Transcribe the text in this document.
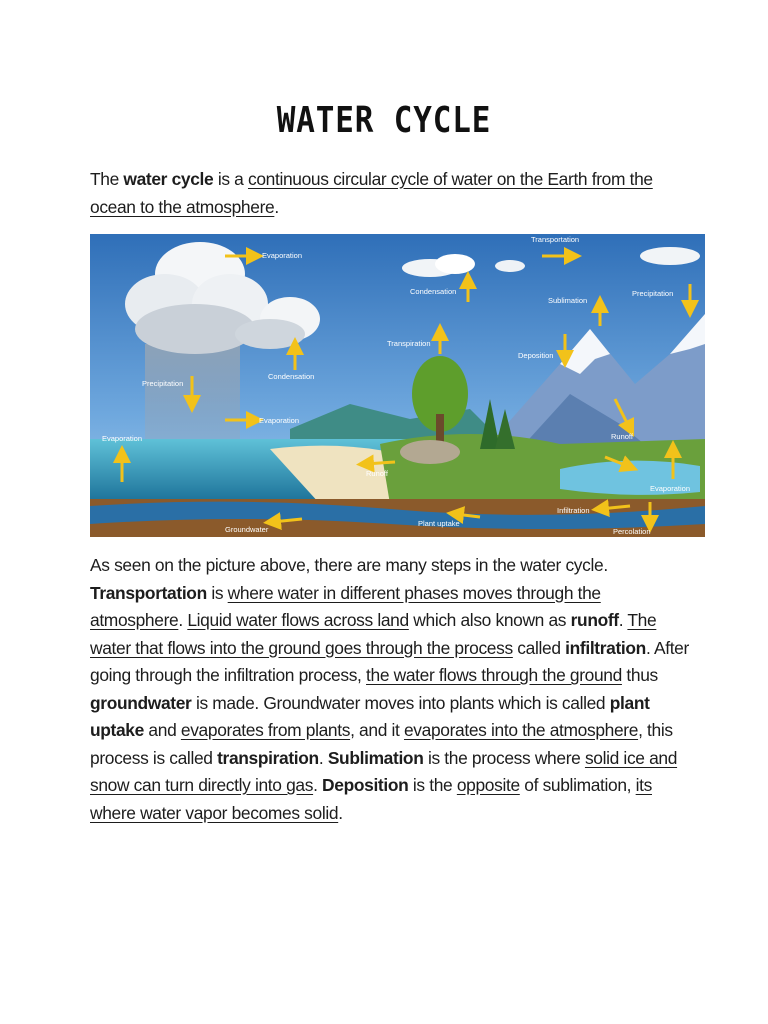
WATER CYCLE

The water cycle is a continuous circular cycle of water on the Earth from the ocean to the atmosphere.

Evaporation
Transportation
Condensation
Sublimation
Precipitation
Transpiration
Deposition
Precipitation
Condensation
Evaporation
Evaporation	Runoff
Runoff
Evaporation
Infiltration
Groundwater
Plant uptake
Percolation

As seen on the picture above, there are many steps in the water cycle. Transportation is where water in different phases moves through the atmosphere. Liquid water flows across land which also known as runoff. The water that flows into the ground goes through the process called infiltration. After going through the infiltration process, the water flows through the ground thus groundwater is made. Groundwater moves into plants which is called plant uptake and evaporates from plants, and it evaporates into the atmosphere, this process is called transpiration. Sublimation is the process where solid ice and snow can turn directly into gas. Deposition is the opposite of sublimation, its where water vapor becomes solid.
